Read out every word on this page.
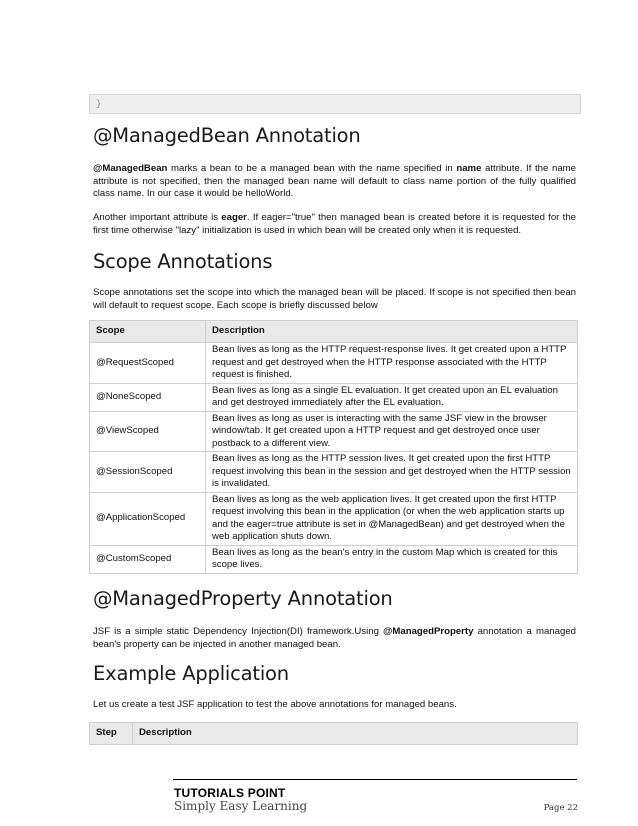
}
@ManagedBean Annotation

@ManagedBean marks a bean to be a managed bean with the name specified in name attribute. If the name attribute is not specified, then the managed bean name will default to class name portion of the fully qualified class name. In our case it would be helloWorld.

Another important attribute is eager. If eager="true" then managed bean is created before it is requested for the first time otherwise "lazy" initialization is used in which bean will be created only when it is requested.

Scope Annotations

Scope annotations set the scope into which the managed bean will be placed. If scope is not specified then bean will default to request scope. Each scope is briefly discussed below

Scope	Description
@RequestScoped	Bean lives as long as the HTTP request-response lives. It get created upon a HTTP request and get destroyed when the HTTP response associated with the HTTP request is finished.
@NoneScoped	Bean lives as long as a single EL evaluation. It get created upon an EL evaluation and get destroyed immediately after the EL evaluation.
@ViewScoped	Bean lives as long as user is interacting with the same JSF view in the browser window/tab. It get created upon a HTTP request and get destroyed once user postback to a different view.
@SessionScoped	Bean lives as long as the HTTP session lives. It get created upon the first HTTP request involving this bean in the session and get destroyed when the HTTP session is invalidated.
@ApplicationScoped	Bean lives as long as the web application lives. It get created upon the first HTTP request involving this bean in the application (or when the web application starts up and the eager=true attribute is set in @ManagedBean) and get destroyed when the web application shuts down.
@CustomScoped	Bean lives as long as the bean's entry in the custom Map which is created for this scope lives.
@ManagedProperty Annotation

JSF is a simple static Dependency Injection(DI) framework.Using @ManagedProperty annotation a managed bean's property can be injected in another managed bean.

Example Application

Let us create a test JSF application to test the above annotations for managed beans.

Step	Description
TUTORIALS POINT
Simply Easy Learning	Page 22
